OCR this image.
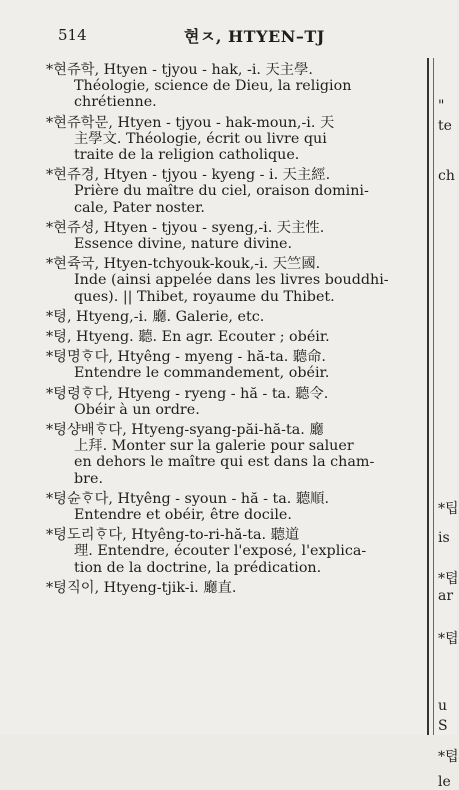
514	현ㅈ, HTYEN–TJ
*현쥬학, Htyen - tjyou - hak, -i. 天主學.
Théologie, science de Dieu, la religion
chrétienne.
*현쥬학문, Htyen - tjyou - hak-moun,-i. 天
主學文. Théologie, écrit ou livre qui
traite de la religion catholique.
*현쥬경, Htyen - tjyou - kyeng - i. 天主經.
Prière du maître du ciel, oraison domini-
cale, Pater noster.
*현쥬셩, Htyen - tjyou - syeng,-i. 天主性.
Essence divine, nature divine.
*현쥭국, Htyen-tchyouk-kouk,-i. 天竺國.
Inde (ainsi appelée dans les livres bouddhi-
ques). || Thibet, royaume du Thibet.
*텽, Htyeng,-i. 廳. Galerie, etc.
*텽, Htyeng. 聽. En agr. Ecouter ; obéir.
*텽명ᄒᆞ다, Htyêng - myeng - hă-ta. 聽命.
Entendre le commandement, obéir.
*텽령ᄒᆞ다, Htyeng - ryeng - hă - ta. 聽令.
Obéir à un ordre.
*텽샹배ᄒᆞ다, Htyeng-syang-păi-hă-ta. 廳
上拜. Monter sur la galerie pour saluer
en dehors le maître qui est dans la cham-
bre.
*텽슌ᄒᆞ다, Htyêng - syoun - hă - ta. 聽順.
Entendre et obéir, être docile.
*텽도리ᄒᆞ다, Htyêng-to-ri-hă-ta. 聽道
理. Entendre, écouter l'exposé, l'explica-
tion de la doctrine, la prédication.
*텽직이, Htyeng-tjik-i. 廳直.
"
te
ch
*팁
is
*텹
ar
*텹
u
S
*텹
le
